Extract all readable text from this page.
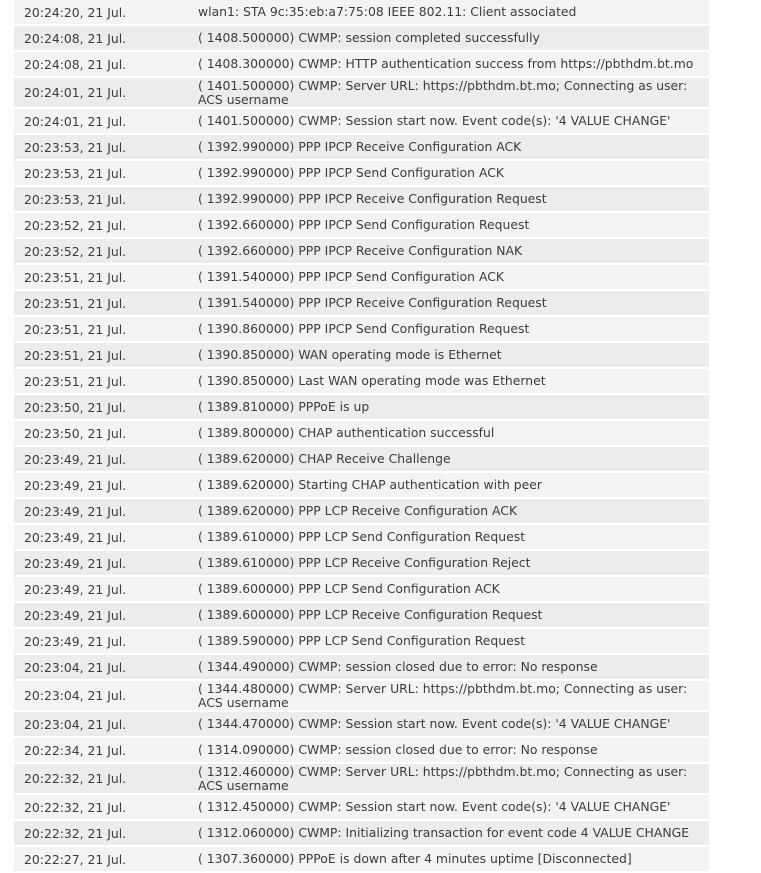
20:24:20, 21 Jul.	wlan1: STA 9c:35:eb:a7:75:08 IEEE 802.11: Client associated
20:24:08, 21 Jul.	( 1408.500000) CWMP: session completed successfully
20:24:08, 21 Jul.	( 1408.300000) CWMP: HTTP authentication success from https://pbthdm.bt.mo
20:24:01, 21 Jul.	( 1401.500000) CWMP: Server URL: https://pbthdm.bt.mo; Connecting as user: ACS username
20:24:01, 21 Jul.	( 1401.500000) CWMP: Session start now. Event code(s): '4 VALUE CHANGE'
20:23:53, 21 Jul.	( 1392.990000) PPP IPCP Receive Configuration ACK
20:23:53, 21 Jul.	( 1392.990000) PPP IPCP Send Configuration ACK
20:23:53, 21 Jul.	( 1392.990000) PPP IPCP Receive Configuration Request
20:23:52, 21 Jul.	( 1392.660000) PPP IPCP Send Configuration Request
20:23:52, 21 Jul.	( 1392.660000) PPP IPCP Receive Configuration NAK
20:23:51, 21 Jul.	( 1391.540000) PPP IPCP Send Configuration ACK
20:23:51, 21 Jul.	( 1391.540000) PPP IPCP Receive Configuration Request
20:23:51, 21 Jul.	( 1390.860000) PPP IPCP Send Configuration Request
20:23:51, 21 Jul.	( 1390.850000) WAN operating mode is Ethernet
20:23:51, 21 Jul.	( 1390.850000) Last WAN operating mode was Ethernet
20:23:50, 21 Jul.	( 1389.810000) PPPoE is up
20:23:50, 21 Jul.	( 1389.800000) CHAP authentication successful
20:23:49, 21 Jul.	( 1389.620000) CHAP Receive Challenge
20:23:49, 21 Jul.	( 1389.620000) Starting CHAP authentication with peer
20:23:49, 21 Jul.	( 1389.620000) PPP LCP Receive Configuration ACK
20:23:49, 21 Jul.	( 1389.610000) PPP LCP Send Configuration Request
20:23:49, 21 Jul.	( 1389.610000) PPP LCP Receive Configuration Reject
20:23:49, 21 Jul.	( 1389.600000) PPP LCP Send Configuration ACK
20:23:49, 21 Jul.	( 1389.600000) PPP LCP Receive Configuration Request
20:23:49, 21 Jul.	( 1389.590000) PPP LCP Send Configuration Request
20:23:04, 21 Jul.	( 1344.490000) CWMP: session closed due to error: No response
20:23:04, 21 Jul.	( 1344.480000) CWMP: Server URL: https://pbthdm.bt.mo; Connecting as user: ACS username
20:23:04, 21 Jul.	( 1344.470000) CWMP: Session start now. Event code(s): '4 VALUE CHANGE'
20:22:34, 21 Jul.	( 1314.090000) CWMP: session closed due to error: No response
20:22:32, 21 Jul.	( 1312.460000) CWMP: Server URL: https://pbthdm.bt.mo; Connecting as user: ACS username
20:22:32, 21 Jul.	( 1312.450000) CWMP: Session start now. Event code(s): '4 VALUE CHANGE'
20:22:32, 21 Jul.	( 1312.060000) CWMP: Initializing transaction for event code 4 VALUE CHANGE
20:22:27, 21 Jul.	( 1307.360000) PPPoE is down after 4 minutes uptime [Disconnected]
